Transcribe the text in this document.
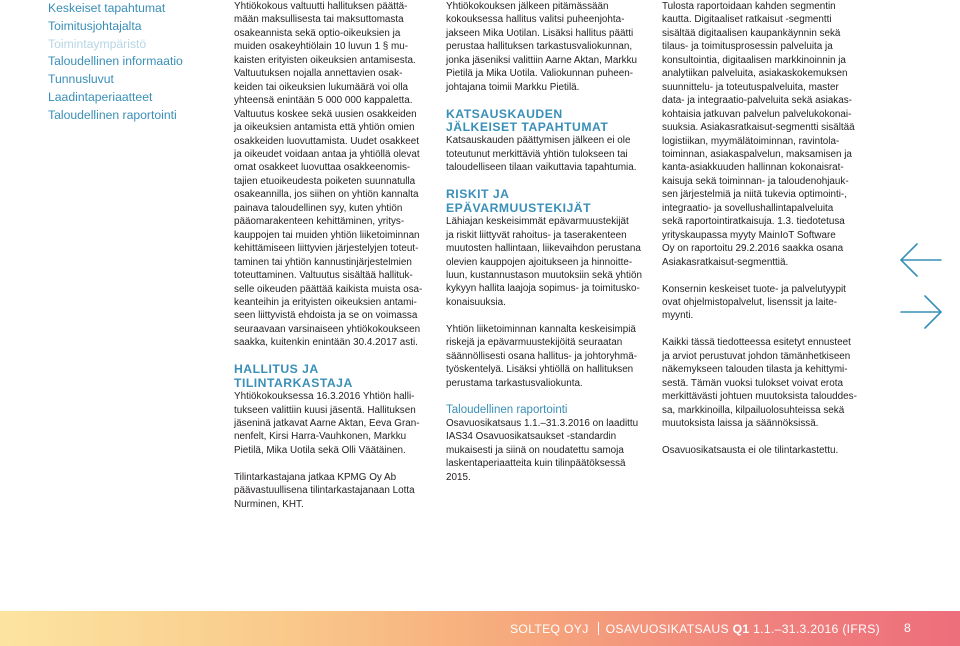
Keskeiset tapahtumat
Toimitusjohtajalta
Toimintaympäristö
Taloudellinen informaatio
Tunnusluvut
Laadintaperiaatteet
Taloudellinen raportointi
Yhtiökokous valtuutti hallituksen päättä-
mään maksullisesta tai maksuttomasta
osakeannista sekä optio-oikeuksien ja
muiden osakeyhtiölain 10 luvun 1 § mu-
kaisten erityisten oikeuksien antamisesta.
Valtuutuksen nojalla annettavien osak-
keiden tai oikeuksien lukumäärä voi olla
yhteensä enintään 5 000 000 kappaletta.
Valtuutus koskee sekä uusien osakkeiden
ja oikeuksien antamista että yhtiön omien
osakkeiden luovuttamista. Uudet osakkeet
ja oikeudet voidaan antaa ja yhtiöllä olevat
omat osakkeet luovuttaa osakkeenomis-
tajien etuoikeudesta poiketen suunnatulla
osakeannilla, jos siihen on yhtiön kannalta
painava taloudellinen syy, kuten yhtiön
pääomarakenteen kehittäminen, yritys-
kauppojen tai muiden yhtiön liiketoiminnan
kehittämiseen liittyvien järjestelyjen toteut-
taminen tai yhtiön kannustinjärjestelmien
toteuttaminen. Valtuutus sisältää hallituk-
selle oikeuden päättää kaikista muista osa-
keanteihin ja erityisten oikeuksien antami-
seen liittyvistä ehdoista ja se on voimassa
seuraavaan varsinaiseen yhtiökokoukseen
saakka, kuitenkin enintään 30.4.2017 asti.

HALLITUS JA TILINTARKASTAJA

Yhtiökokouksessa 16.3.2016 Yhtiön halli-
tukseen valittiin kuusi jäsentä. Hallituksen
jäseninä jatkavat Aarne Aktan, Eeva Gran-
nenfelt, Kirsi Harra-Vauhkonen, Markku
Pietilä, Mika Uotila sekä Olli Väätäinen.
Tilintarkastajana jatkaa KPMG Oy Ab
päävastuullisena tilintarkastajanaan Lotta
Nurminen, KHT.
Yhtiökokouksen jälkeen pitämässään
kokouksessa hallitus valitsi puheenjohta-
jakseen Mika Uotilan. Lisäksi hallitus päätti
perustaa hallituksen tarkastusvaliokunnan,
jonka jäseniksi valittiin Aarne Aktan, Markku
Pietilä ja Mika Uotila. Valiokunnan puheen-
johtajana toimii Markku Pietilä.

KATSAUSKAUDEN

JÄLKEISET TAPAHTUMAT

Katsauskauden päättymisen jälkeen ei ole
toteutunut merkittäviä yhtiön tulokseen tai
taloudelliseen tilaan vaikuttavia tapahtumia.

RISKIT JA EPÄVARMUUSTEKIJÄT

Lähiajan keskeisimmät epävarmuustekijät
ja riskit liittyvät rahoitus- ja taserakenteen
muutosten hallintaan, liikevaihdon perustana
olevien kauppojen ajoitukseen ja hinnoitte-
luun, kustannustason muutoksiin sekä yhtiön
kykyyn hallita laajoja sopimus- ja toimitusko-
konaisuuksia.
Yhtiön liiketoiminnan kannalta keskeisimpiä
riskejä ja epävarmuustekijöitä seuraatan
säännöllisesti osana hallitus- ja johtoryhmä-
työskentelyä. Lisäksi yhtiöllä on hallituksen
perustama tarkastusvaliokunta.

Taloudellinen raportointi

Osavuosikatsaus 1.1.–31.3.2016 on laadittu
IAS34 Osavuosikatsaukset -standardin
mukaisesti ja siinä on noudatettu samoja
laskentaperiaatteita kuin tilinpäätöksessä
2015.
Tulosta raportoidaan kahden segmentin
kautta. Digitaaliset ratkaisut -segmentti
sisältää digitaalisen kaupankäynnin sekä
tilaus- ja toimitusprosessin palveluita ja
konsultointia, digitaalisen markkinoinnin ja
analytiikan palveluita, asiakaskokemuksen
suunnittelu- ja toteutuspalveluita, master
data- ja integraatio-palveluita sekä asiakas-
kohtaisia jatkuvan palvelun palvelukokonai-
suuksia. Asiakasratkaisut-segmentti sisältää
logistiikan, myymälätoiminnan, ravintola-
toiminnan, asiakaspalvelun, maksamisen ja
kanta-asiakkuuden hallinnan kokonaisrat-
kaisuja sekä toiminnan- ja taloudenohjauk-
sen järjestelmiä ja niitä tukevia optimointi-,
integraatio- ja sovellushallintapalveluita
sekä raportointiratkaisuja. 1.3. tiedotetusa
yrityskaupassa myyty MainIoT Software
Oy on raportoitu 29.2.2016 saakka osana
Asiakasratkaisut-segmenttiä.
Konsernin keskeiset tuote- ja palvelutyypit
ovat ohjelmistopalvelut, lisenssit ja laite-
myynti.
Kaikki tässä tiedotteessa esitetyt ennusteet
ja arviot perustuvat johdon tämänhetkiseen
näkemykseen talouden tilasta ja kehittymi-
sestä. Tämän vuoksi tulokset voivat erota
merkittävästi johtuen muutoksista talouddes-
sa, markkinoilla, kilpailuolosuhteissa sekä
muutoksista laissa ja säännöksissä.
Osavuosikatsausta ei ole tilintarkastettu.
SOLTEQ OYJ OSAVUOSIKATSAUS Q1 1.1.–31.3.2016 (IFRS) 8
